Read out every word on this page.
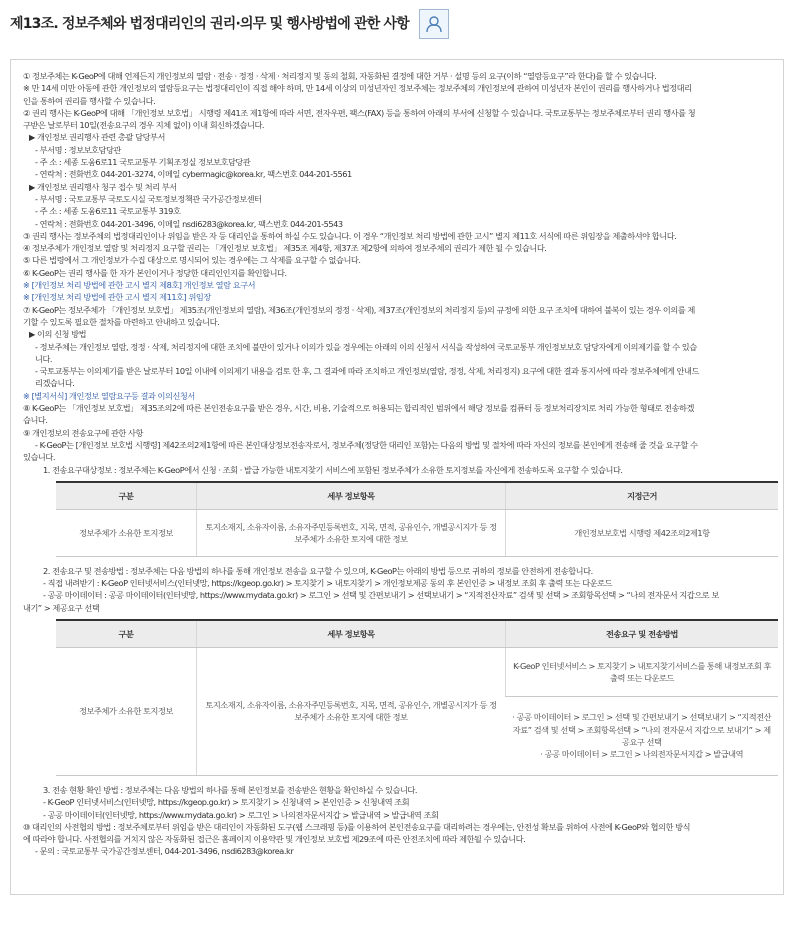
제13조. 정보주체와 법정대리인의 권리·의무 및 행사방법에 관한 사항

① 정보주체는 K-GeoP에 대해 언제든지 개인정보의 열람 · 전송 · 정정 · 삭제 · 처리정지 및 동의 철회, 자동화된 결정에 대한 거부 · 설명 등의 요구(이하 “열람등요구”라 한다)를 할 수 있습니다.

※ 만 14세 미만 아동에 관한 개인정보의 열람등요구는 법정대리인이 직접 해야 하며, 만 14세 이상의 미성년자인 정보주체는 정보주체의 개인정보에 관하여 미성년자 본인이 권리를 행사하거나 법정대리

인을 통하여 권리를 행사할 수 있습니다.

② 권리 행사는 K-GeoP에 대해 「개인정보 보호법」 시행령 제41조 제1항에 따라 서면, 전자우편, 팩스(FAX) 등을 통하여 아래의 부서에 신청할 수 있습니다. 국토교통부는 정보주체로부터 권리 행사를 청

구받은 날로부터 10일(전송요구의 경우 지체 없이) 이내 회신하겠습니다.

▶ 개인정보 권리행사 관련 총괄 담당부서

- 부서명 : 정보보호담당관

- 주 소 : 세종 도움6로11 국토교통부 기획조정실 정보보호담당관

- 연락처 : 전화번호 044-201-3274, 이메일 cybermagic@korea.kr, 팩스번호 044-201-5561

▶ 개인정보 권리행사 청구 접수 및 처리 부서

- 부서명 : 국토교통부 국토도시실 국토정보정책관 국가공간정보센터

- 주 소 : 세종 도움6로11 국토교통부 319호

- 연락처 : 전화번호 044-201-3496, 이메일 nsdi6283@korea.kr, 팩스번호 044-201-5543

③ 권리 행사는 정보주체의 법정대리인이나 위임을 받은 자 등 대리인을 통하여 하실 수도 있습니다. 이 경우 “개인정보 처리 방법에 관한 고시” 별지 제11호 서식에 따른 위임장을 제출하셔야 합니다.

④ 정보주체가 개인정보 열람 및 처리정지 요구할 권리는 「개인정보 보호법」 제35조 제4항, 제37조 제2항에 의하여 정보주체의 권리가 제한 될 수 있습니다.

⑤ 다른 법령에서 그 개인정보가 수집 대상으로 명시되어 있는 경우에는 그 삭제를 요구할 수 없습니다.

⑥ K-GeoP는 권리 행사를 한 자가 본인이거나 정당한 대리인인지를 확인합니다.

※ [개인정보 처리 방법에 관한 고시 별지 제8호] 개인정보 열람 요구서

※ [개인정보 처리 방법에 관한 고시 별지 제11호] 위임장

⑦ K-GeoP는 정보주체가 「개인정보 보호법」 제35조(개인정보의 열람), 제36조(개인정보의 정정 · 삭제), 제37조(개인정보의 처리정지 등)의 규정에 의한 요구 조치에 대하여 불복이 있는 경우 이의를 제

기할 수 있도록 필요한 절차를 마련하고 안내하고 있습니다.

▶ 이의 신청 방법

- 정보주체는 개인정보 열람, 정정 · 삭제, 처리정지에 대한 조치에 불만이 있거나 이의가 있을 경우에는 아래의 이의 신청서 서식을 작성하여 국토교통부 개인정보보호 담당자에게 이의제기를 할 수 있습

니다.

- 국토교통부는 이의제기를 받은 날로부터 10일 이내에 이의제기 내용을 검토 한 후, 그 결과에 따라 조치하고 개인정보(열람, 정정, 삭제, 처리정지) 요구에 대한 결과 통지서에 따라 정보주체에게 안내드

리겠습니다.

※ [별지서식] 개인정보 열람요구등 결과 이의신청서

⑧ K-GeoP는 「개인정보 보호법」 제35조의2에 따른 본인전송요구를 받은 경우, 시간, 비용, 기술적으로 허용되는 합리적인 범위에서 해당 정보를 컴퓨터 등 정보처리장치로 처리 가능한 형태로 전송하겠

습니다.

⑨ 개인정보의 전송요구에 관한 사항

- K-GeoP는 [개인정보 보호법 시행령] 제42조의2제1항에 따른 본인대상정보전송자로서, 정보주체(정당한 대리인 포함)는 다음의 방법 및 절차에 따라 자신의 정보를 본인에게 전송해 줄 것을 요구할 수

있습니다.

1. 전송요구대상정보 : 정보주체는 K-GeoP에서 신청 · 조회 · 발급 가능한 내토지찾기 서비스에 포함된 정보주체가 소유한 토지정보를 자신에게 전송하도록 요구할 수 있습니다.

구분	세부 정보항목	지정근거
정보주체가 소유한 토지정보	토지소재지, 소유자이름, 소유자주민등록번호, 지목, 면적, 공유인수, 개별공시지가 등 정보주체가 소유한 토지에 대한 정보	개인정보보호법 시행령 제42조의2제1항

2. 전송요구 및 전송방법 : 정보주체는 다음 방법의 하나를 통해 개인정보 전송을 요구할 수 있으며, K-GeoP는 아래의 방법 등으로 귀하의 정보를 안전하게 전송합니다.

- 직접 내려받기 : K-GeoP 인터넷서비스(인터넷망, https://kgeop.go.kr) > 토지찾기 > 내토지찾기 > 개인정보제공 동의 후 본인인증 > 내정보 조회 후 출력 또는 다운로드

- 공공 마이데이터 : 공공 마이데이터(인터넷망, https://www.mydata.go.kr) > 로그인 > 선택 및 간편보내기 > 선택보내기 > “지적전산자료” 검색 및 선택 > 조회항목선택 > “나의 전자문서 지갑으로 보

내기” > 제공요구 선택

구분	세부 정보항목	전송요구 및 전송방법
정보주체가 소유한 토지정보	토지소재지, 소유자이름, 소유자주민등록번호, 지목, 면적, 공유인수, 개별공시지가 등 정보주체가 소유한 토지에 대한 정보	K-GeoP 인터넷서비스 > 토지찾기 > 내토지찾기서비스를 통해 내정보조회 후 출력 또는 다운로드

		· 공공 마이데이터 > 로그인 > 선택 및 간편보내기 > 선택보내기 > “지적전산자료” 검색 및 선택 > 조회항목선택 > “나의 전자문서 지갑으로 보내기” > 제공요구 선택
· 공공 마이데이터 > 로그인 > 나의전자문서지갑 > 발급내역

3. 전송 현황 확인 방법 : 정보주체는 다음 방법의 하나를 통해 본인정보를 전송받은 현황을 확인하실 수 있습니다.

- K-GeoP 인터넷서비스(인터넷망, https://kgeop.go.kr) > 토지찾기 > 신청내역 > 본인인증 > 신청내역 조회

- 공공 마이데이터(인터넷망, https://www.mydata.go.kr) > 로그인 > 나의전자문서지갑 > 발급내역 > 발급내역 조회

⑩ 대리인의 사전협의 방법 : 정보주체로부터 위임을 받은 대리인이 자동화된 도구(웹 스크래핑 등)를 이용하여 본인전송요구를 대리하려는 경우에는, 안전성 확보를 위하여 사전에 K-GeoP와 협의한 방식

에 따라야 합니다. 사전협의를 거치지 않은 자동화된 접근은 홈페이지 이용약관 및 개인정보 보호법 제29조에 따른 안전조치에 따라 제한될 수 있습니다.

- 문의 : 국토교통부 국가공간정보센터, 044-201-3496, nsdi6283@korea.kr
